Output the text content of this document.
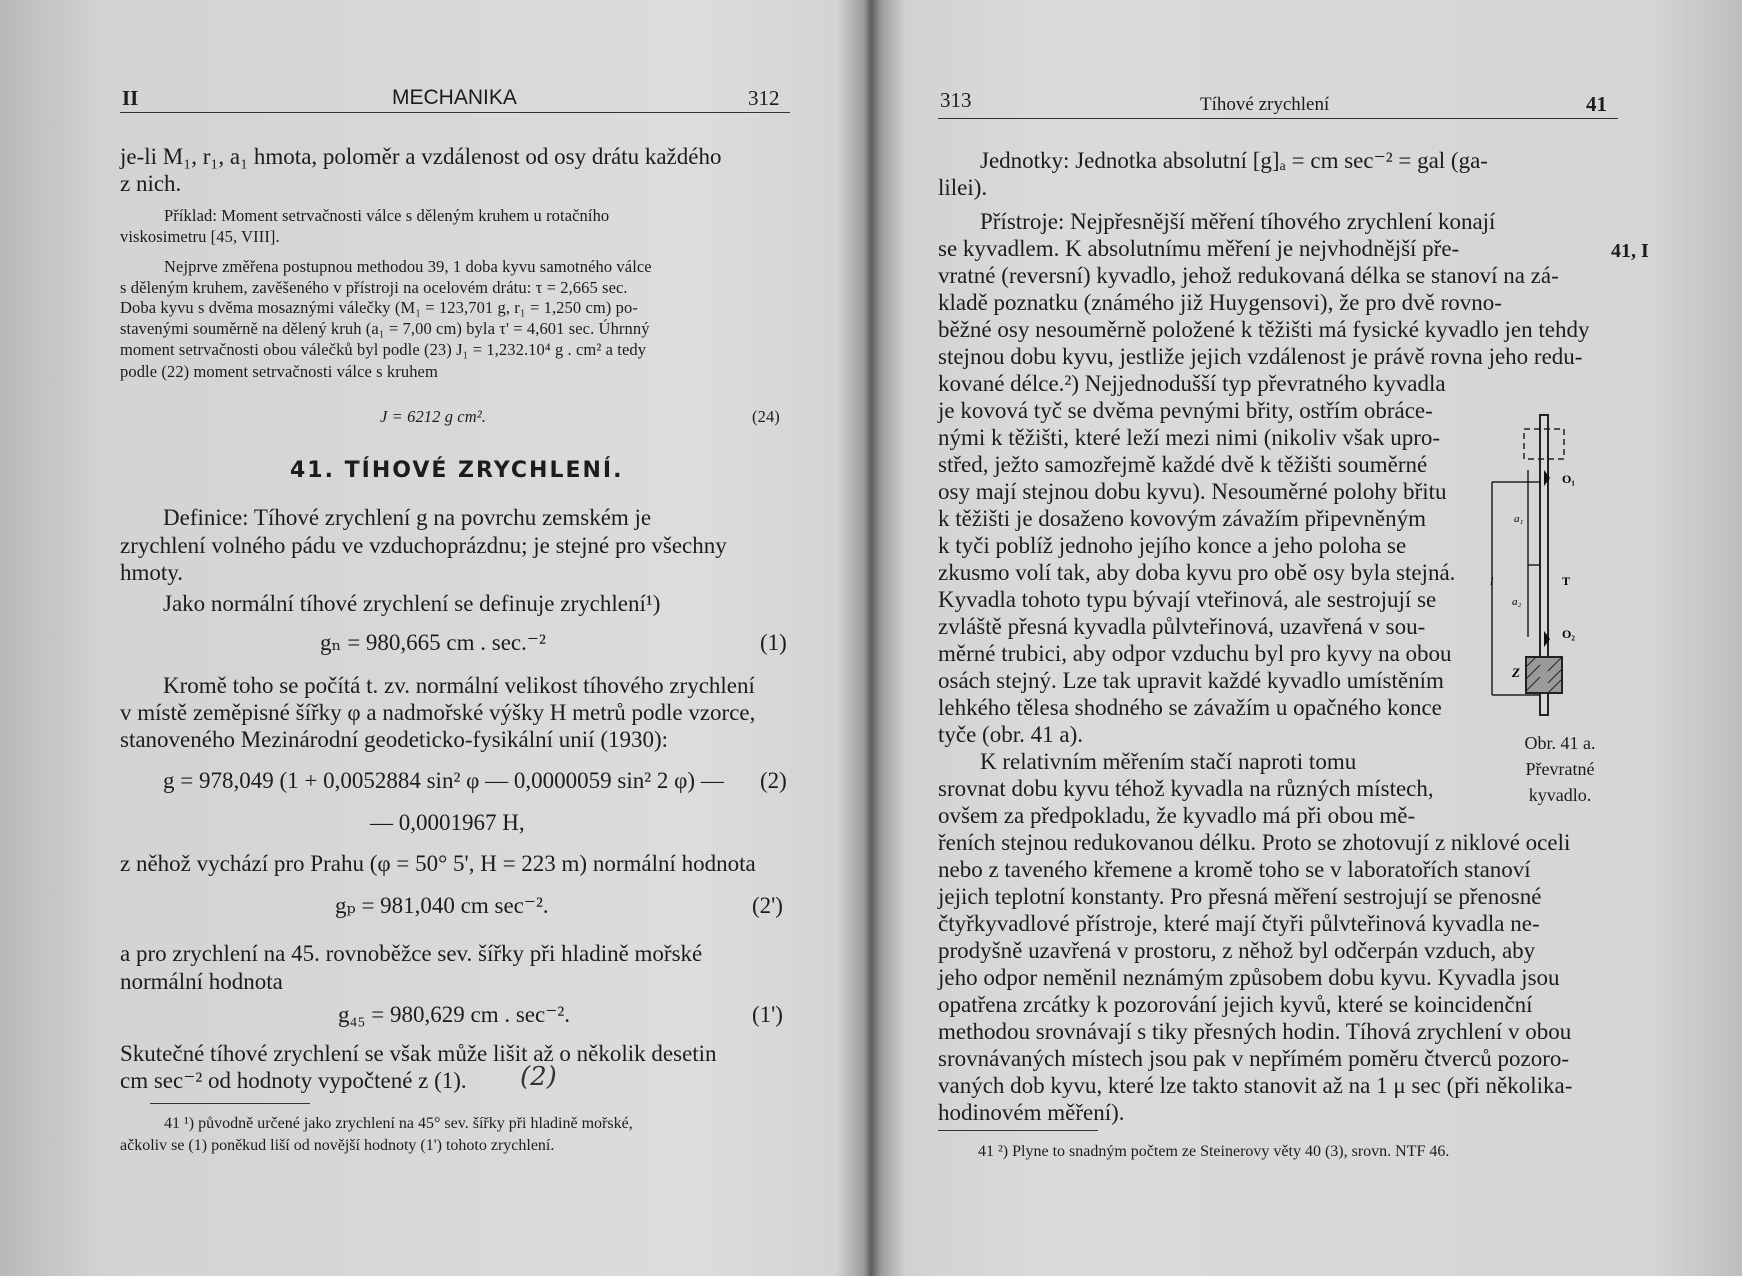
II	MECHANIKA	312
je-li M₁, r₁, a₁ hmota, poloměr a vzdálenost od osy drátu každého
z nich.
Příklad: Moment setrvačnosti válce s děleným kruhem u rotačního
viskosimetru [45, VIII].
Nejprve změřena postupnou methodou 39, 1 doba kyvu samotného válce
s děleným kruhem, zavěšeného v přístroji na ocelovém drátu: τ = 2,665 sec.
Doba kyvu s dvěma mosaznými válečky (M₁ = 123,701 g, r₁ = 1,250 cm) po-
stavenými souměrně na dělený kruh (a₁ = 7,00 cm) byla τ' = 4,601 sec. Úhrnný
moment setrvačnosti obou válečků byl podle (23) J₁ = 1,232.10⁴ g . cm² a tedy
podle (22) moment setrvačnosti válce s kruhem
J = 6212 g cm².	(24)
41. TÍHOVÉ ZRYCHLENÍ.
Definice: Tíhové zrychlení g na povrchu zemském je
zrychlení volného pádu ve vzduchoprázdnu; je stejné pro všechny
hmoty.
Jako normální tíhové zrychlení se definuje zrychlení¹)
gₙ = 980,665 cm . sec.⁻²	(1)
Kromě toho se počítá t. zv. normální velikost tíhového zrychlení
v místě zeměpisné šířky φ a nadmořské výšky H metrů podle vzorce,
stanoveného Mezinárodní geodeticko-fysikální unií (1930):
g = 978,049 (1 + 0,0052884 sin² φ — 0,0000059 sin² 2 φ) — (2)
— 0,0001967 H,
z něhož vychází pro Prahu (φ = 50° 5', H = 223 m) normální hodnota
gₚ = 981,040 cm sec⁻².	(2')
a pro zrychlení na 45. rovnoběžce sev. šířky při hladině mořské
normální hodnota
g₄₅ = 980,629 cm . sec⁻².	(1')
Skutečné tíhové zrychlení se však může lišit až o několik desetin
cm sec⁻² od hodnoty vypočtené z (1). (2)
41 ¹) původně určené jako zrychlení na 45° sev. šířky při hladině mořské,
ačkoliv se (1) poněkud liší od novější hodnoty (1') tohoto zrychlení.
313	Tíhové zrychlení	41
Jednotky: Jednotka absolutní [g]ₐ = cm sec⁻² = gal (ga-
lilei).
41, I
Přístroje: Nejpřesnější měření tíhového zrychlení konají
se kyvadlem. K absolutnímu měření je nejvhodnější pře-
vratné (reversní) kyvadlo, jehož redukovaná délka se stanoví na zá-
kladě poznatku (známého již Huygensovi), že pro dvě rovno-
běžné osy nesouměrně položené k těžišti má fysické kyvadlo jen tehdy
stejnou dobu kyvu, jestliže jejich vzdálenost je právě rovna jeho redu-
kované délce.²) Nejjednodušší typ převratného kyvadla
je kovová tyč se dvěma pevnými břity, ostřím obrácе-
nými k těžišti, které leží mezi nimi (nikoliv však upro-
střed, ježto samozřejmě každé dvě k těžišti souměrné
osy mají stejnou dobu kyvu). Nesouměrné polohy břitu
k těžišti je dosaženo kovovým závažím připevněným
k tyči poblíž jednoho jejího konce a jeho poloha se
zkusmo volí tak, aby doba kyvu pro obě osy byla stejná.
Kyvadla tohoto typu bývají vteřinová, ale sestrojují se
zvláště přesná kyvadla půlvteřinová, uzavřená v sou-
měrné trubici, aby odpor vzduchu byl pro kyvy na obou
osách stejný. Lze tak upravit každé kyvadlo umístěním
lehkého tělesa shodného se závažím u opačného konce
tyče (obr. 41 a).
K relativním měřením stačí naproti tomu
srovnat dobu kyvu téhož kyvadla na různých místech,
ovšem za předpokladu, že kyvadlo má při obou mě-
řeních stejnou redukovanou délku. Proto se zhotovují z niklové oceli
nebo z taveného křemene a kromě toho se v laboratořích stanoví
jejich teplotní konstanty. Pro přesná měření sestrojují se přenosné
čtyřkyvadlové přístroje, které mají čtyři půlvteřinová kyvadla ne-
prodyšně uzavřená v prostoru, z něhož byl odčerpán vzduch, aby
jeho odpor neměnil neznámým způsobem dobu kyvu. Kyvadla jsou
opatřena zrcátky k pozorování jejich kyvů, které se koincidenční
methodou srovnávají s tiky přesných hodin. Tíhová zrychlení v obou
srovnávaných místech jsou pak v nepřímém poměru čtverců pozoro-
vaných dob kyvu, které lze takto stanovit až na 1 μ sec (při několika-
hodinovém měření).
O₁
a₁
l	T
a₂
O₂
Z
Obr. 41 a.
Převratné
kyvadlo.
41 ²) Plyne to snadným počtem ze Steinerovy věty 40 (3), srovn. NTF 46.
